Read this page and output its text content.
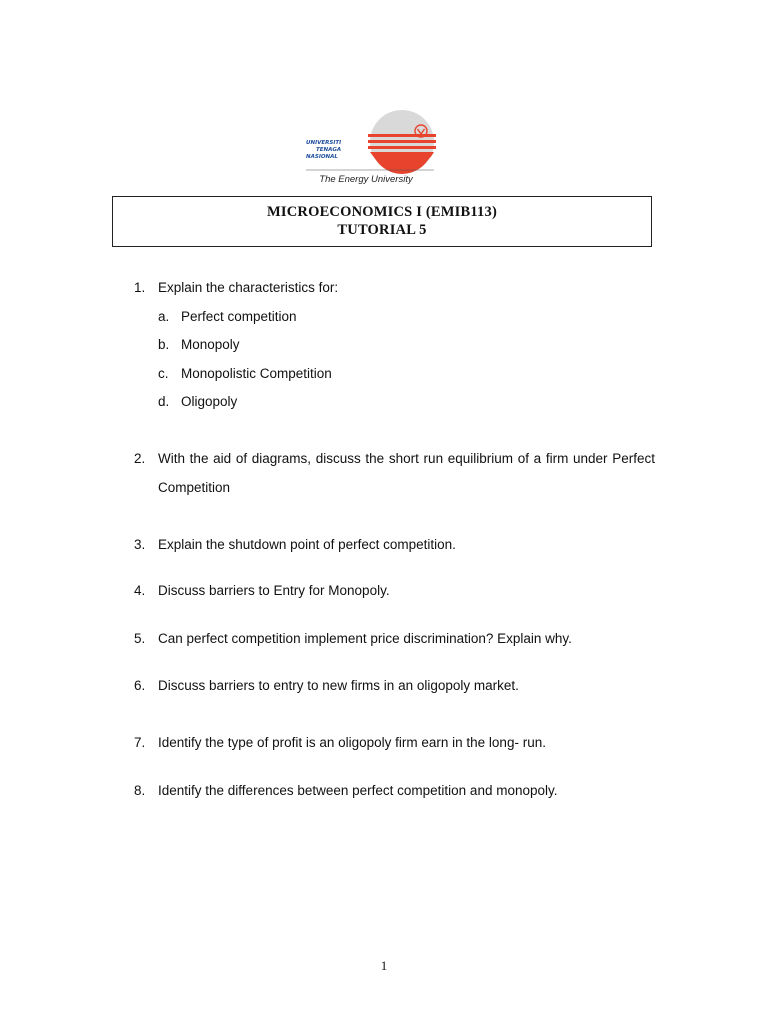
UNIVERSITI
TENAGA
NASIONAL
The Energy University
MICROECONOMICS I (EMIB113)
TUTORIAL 5
1. Explain the characteristics for:
a. Perfect competition
b. Monopoly
c. Monopolistic Competition
d. Oligopoly
2. With the aid of diagrams, discuss the short run equilibrium of a firm under Perfect Competition
3. Explain the shutdown point of perfect competition.
4. Discuss barriers to Entry for Monopoly.
5. Can perfect competition implement price discrimination? Explain why.
6. Discuss barriers to entry to new firms in an oligopoly market.
7. Identify the type of profit is an oligopoly firm earn in the long- run.
8. Identify the differences between perfect competition and monopoly.
1
